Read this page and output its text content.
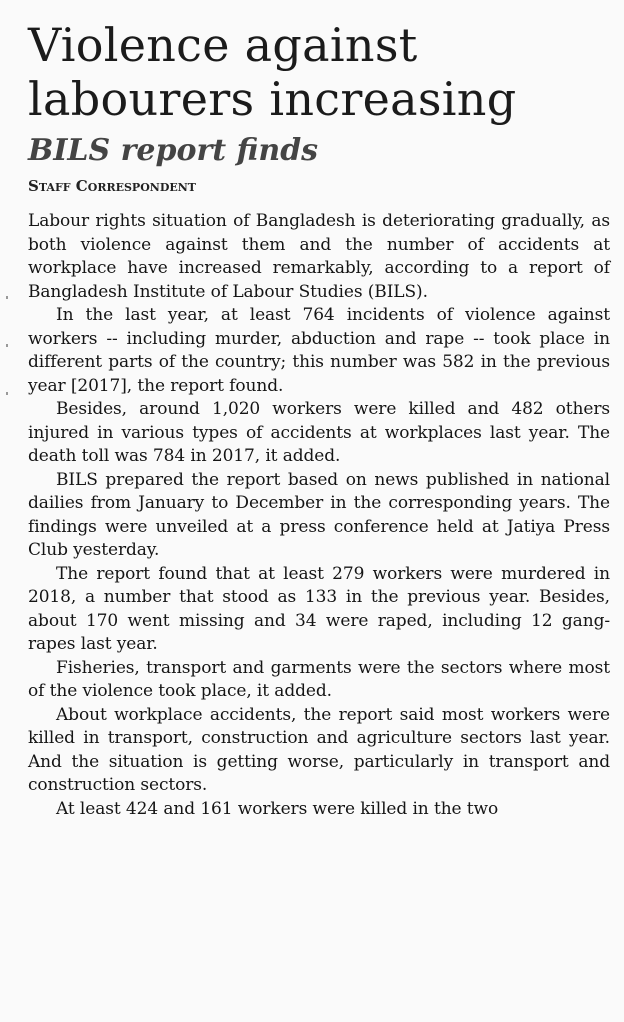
Violence against labourers increasing
BILS report finds
Staff Correspondent

Labour rights situation of Bangladesh is deteriorating gradually, as both violence against them and the number of accidents at workplace have increased remarkably, according to a report of Bangladesh Institute of Labour Studies (BILS).

In the last year, at least 764 incidents of violence against workers -- including murder, abduction and rape -- took place in different parts of the country; this number was 582 in the previous year [2017], the report found.

Besides, around 1,020 workers were killed and 482 others injured in various types of accidents at workplaces last year. The death toll was 784 in 2017, it added.

BILS prepared the report based on news published in national dailies from January to December in the corresponding years. The findings were unveiled at a press conference held at Jatiya Press Club yesterday.

The report found that at least 279 workers were murdered in 2018, a number that stood as 133 in the previous year. Besides, about 170 went missing and 34 were raped, including 12 gang-rapes last year.

Fisheries, transport and garments were the sectors where most of the violence took place, it added.

About workplace accidents, the report said most workers were killed in transport, construction and agriculture sectors last year. And the situation is getting worse, particularly in transport and construction sectors.

At least 424 and 161 workers were killed in the two
